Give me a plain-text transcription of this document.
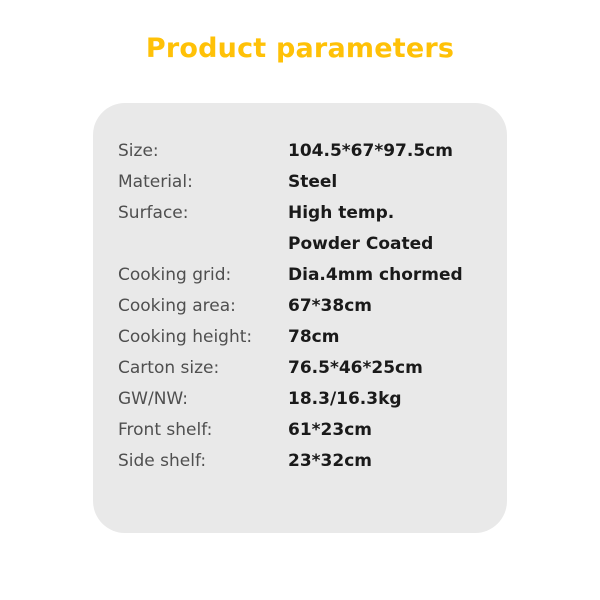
Product parameters
Size:	104.5*67*97.5cm
Material:	Steel
Surface:	High temp.
Powder Coated
Cooking grid:	Dia.4mm chormed
Cooking area:	67*38cm
Cooking height:	78cm
Carton size:	76.5*46*25cm
GW/NW:	18.3/16.3kg
Front shelf:	61*23cm
Side shelf:	23*32cm
